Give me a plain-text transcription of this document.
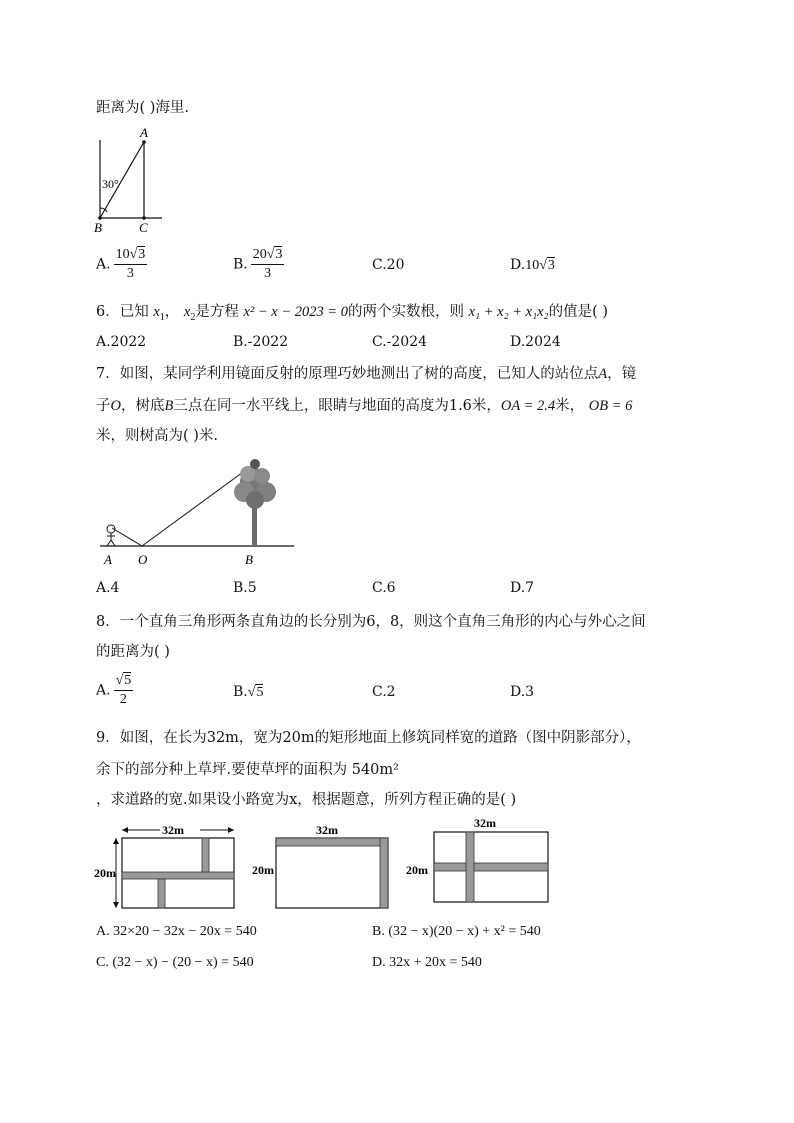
距离为( )海里.
A
B	C
30°
A. $\frac{10√3}{3}$	B. $\frac{20√3}{3}$	C.20	D.10√3
6．已知 $x_1$， $x_2$是方程 x² − x − 2023 = 0的两个实数根，则 x₁ + x₂ + x₁x₂的值是( )
A.2022	B.-2022	C.-2024	D.2024
7．如图，某同学利用镜面反射的原理巧妙地测出了树的高度，已知人的站位点A，镜
子O，树底B三点在同一水平线上，眼睛与地面的高度为1.6米，OA = 2.4米， OB = 6
米，则树高为( )米.
A O	B
A.4	B.5	C.6	D.7
8．一个直角三角形两条直角边的长分别为6，8，则这个直角三角形的内心与外心之间
的距离为( )
A. $\frac{√5}{2}$	B.√5	C.2	D.3
9．如图，在长为32m，宽为20m的矩形地面上修筑同样宽的道路（图中阴影部分），
余下的部分种上草坪.要使草坪的面积为 540m²
，求道路的宽.如果设小路宽为x，根据题意，所列方程正确的是( )
32m
20m
32m
20m
32m
20m
A. 32×20 − 32x − 20x = 540	B. (32 − x)(20 − x) + x² = 540
C. (32 − x) − (20 − x) = 540	D. 32x + 20x = 540
